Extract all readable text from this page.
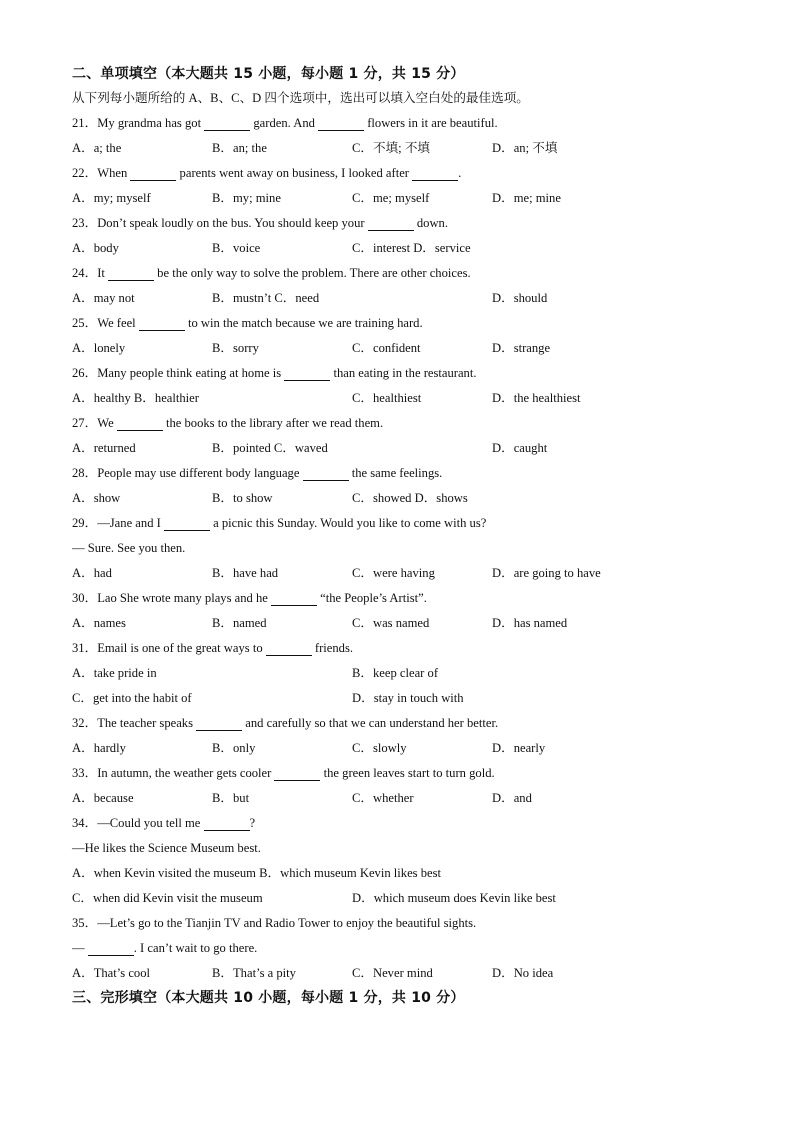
二、单项填空（本大题共 15 小题，每小题 1 分，共 15 分）
从下列每小题所给的 A、B、C、D 四个选项中，选出可以填入空白处的最佳选项。
21．My grandma has got	garden. And	flowers in it are beautiful.
A．a; the	B．an; the	C．不填; 不填	D．an; 不填
22．When	parents went away on business, I looked after	.
A．my; myself	B．my; mine	C．me; myself	D．me; mine
23．Don’t speak loudly on the bus. You should keep your	down.
A．body	B．voice	C．interest D．service
24．It	be the only way to solve the problem. There are other choices.
A．may not	B．mustn’t C．need	D．should
25．We feel	to win the match because we are training hard.
A．lonely	B．sorry	C．confident	D．strange
26．Many people think eating at home is	than eating in the restaurant.
A．healthy B．healthier	C．healthiest	D．the healthiest
27．We	the books to the library after we read them.
A．returned	B．pointed C．waved	D．caught
28．People may use different body language	the same feelings.
A．show	B．to show	C．showed D．shows
29．—Jane and I	a picnic this Sunday. Would you like to come with us?
— Sure. See you then.
A．had	B．have had	C．were having	D．are going to have
30．Lao She wrote many plays and he	“the People’s Artist”.
A．names	B．named	C．was named	D．has named
31．Email is one of the great ways to	friends.
A．take pride in	B．keep clear of
C．get into the habit of	D．stay in touch with
32．The teacher speaks	and carefully so that we can understand her better.
A．hardly	B．only	C．slowly	D．nearly
33．In autumn, the weather gets cooler	the green leaves start to turn gold.
A．because	B．but	C．whether	D．and
34．—Could you tell me	?
—He likes the Science Museum best.
A．when Kevin visited the museum B．which museum Kevin likes best
C．when did Kevin visit the museum	D．which museum does Kevin like best
35．—Let’s go to the Tianjin TV and Radio Tower to enjoy the beautiful sights.
—	. I can’t wait to go there.
A．That’s cool	B．That’s a pity	C．Never mind	D．No idea
三、完形填空（本大题共 10 小题，每小题 1 分，共 10 分）
